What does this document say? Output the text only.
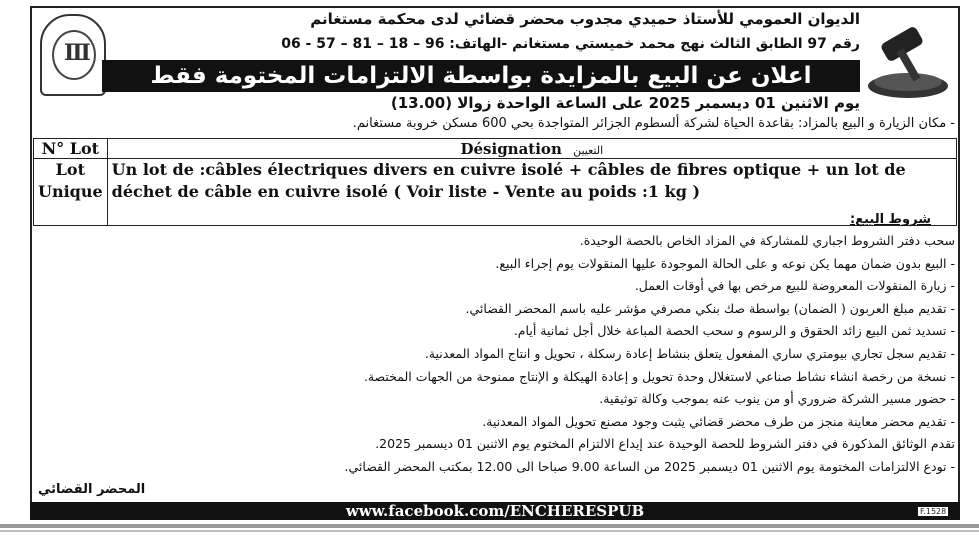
Ⅲ
الديوان العمومي للأستاذ حميدي مجدوب محضر قضائي لدى محكمة مستغانم
رقم 97 الطابق الثالث نهج محمد خميستي مستغانم -الهاتف: 96 – 18 – 81 – 57 - 06
اعلان عن البيع بالمزايدة بواسطة الالتزامات المختومة فقط
يوم الاثنين 01 ديسمبر 2025 على الساعة الواحدة زوالا (13.00)
- مكان الزيارة و البيع بالمزاد: بقاعدة الحياة لشركة ألسطوم الجزائر المتواجدة بحي 600 مسكن خروبة مستغانم.
N° Lot	Désignation التعيين
Lot Unique	Un lot de :câbles électriques divers en cuivre isolé + câbles de fibres optique + un lot de déchet de câble en cuivre isolé ( Voir liste - Vente au poids :1 kg )
شروط البيع:
سحب دفتر الشروط اجباري للمشاركة في المزاد الخاص بالحصة الوحيدة.
- البيع بدون ضمان مهما يكن نوعه و على الحالة الموجودة عليها المنقولات يوم إجراء البيع.
- زيارة المنقولات المعروضة للبيع مرخص بها في أوقات العمل.
- تقديم مبلغ العربون ( الضمان) بواسطة صك بنكي مصرفي مؤشر عليه باسم المحضر القضائي.
- تسديد ثمن البيع زائد الحقوق و الرسوم و سحب الحصة المباعة خلال أجل ثمانية أيام.
- تقديم سجل تجاري بيومتري ساري المفعول يتعلق بنشاط إعادة رسكلة ، تحويل و انتاج المواد المعدنية.
- نسخة من رخصة انشاء نشاط صناعي لاستغلال وحدة تحويل و إعادة الهيكلة و الإنتاج ممنوحة من الجهات المختصة.
- حضور مسير الشركة ضروري أو من ينوب عنه بموجب وكالة توثيقية.
- تقديم محضر معاينة منجز من طرف محضر قضائي يثبت وجود مصنع تحويل المواد المعدنية.
تقدم الوثائق المذكورة في دفتر الشروط للحصة الوحيدة عند إيداع الالتزام المختوم يوم الاثنين 01 ديسمبر 2025.
- تودع الالتزامات المختومة يوم الاثنين 01 ديسمبر 2025 من الساعة 9.00 صباحا الى 12.00 بمكتب المحضر القضائي.
المحضر القضائي
www.facebook.com/ENCHERESPUB	F.1528
